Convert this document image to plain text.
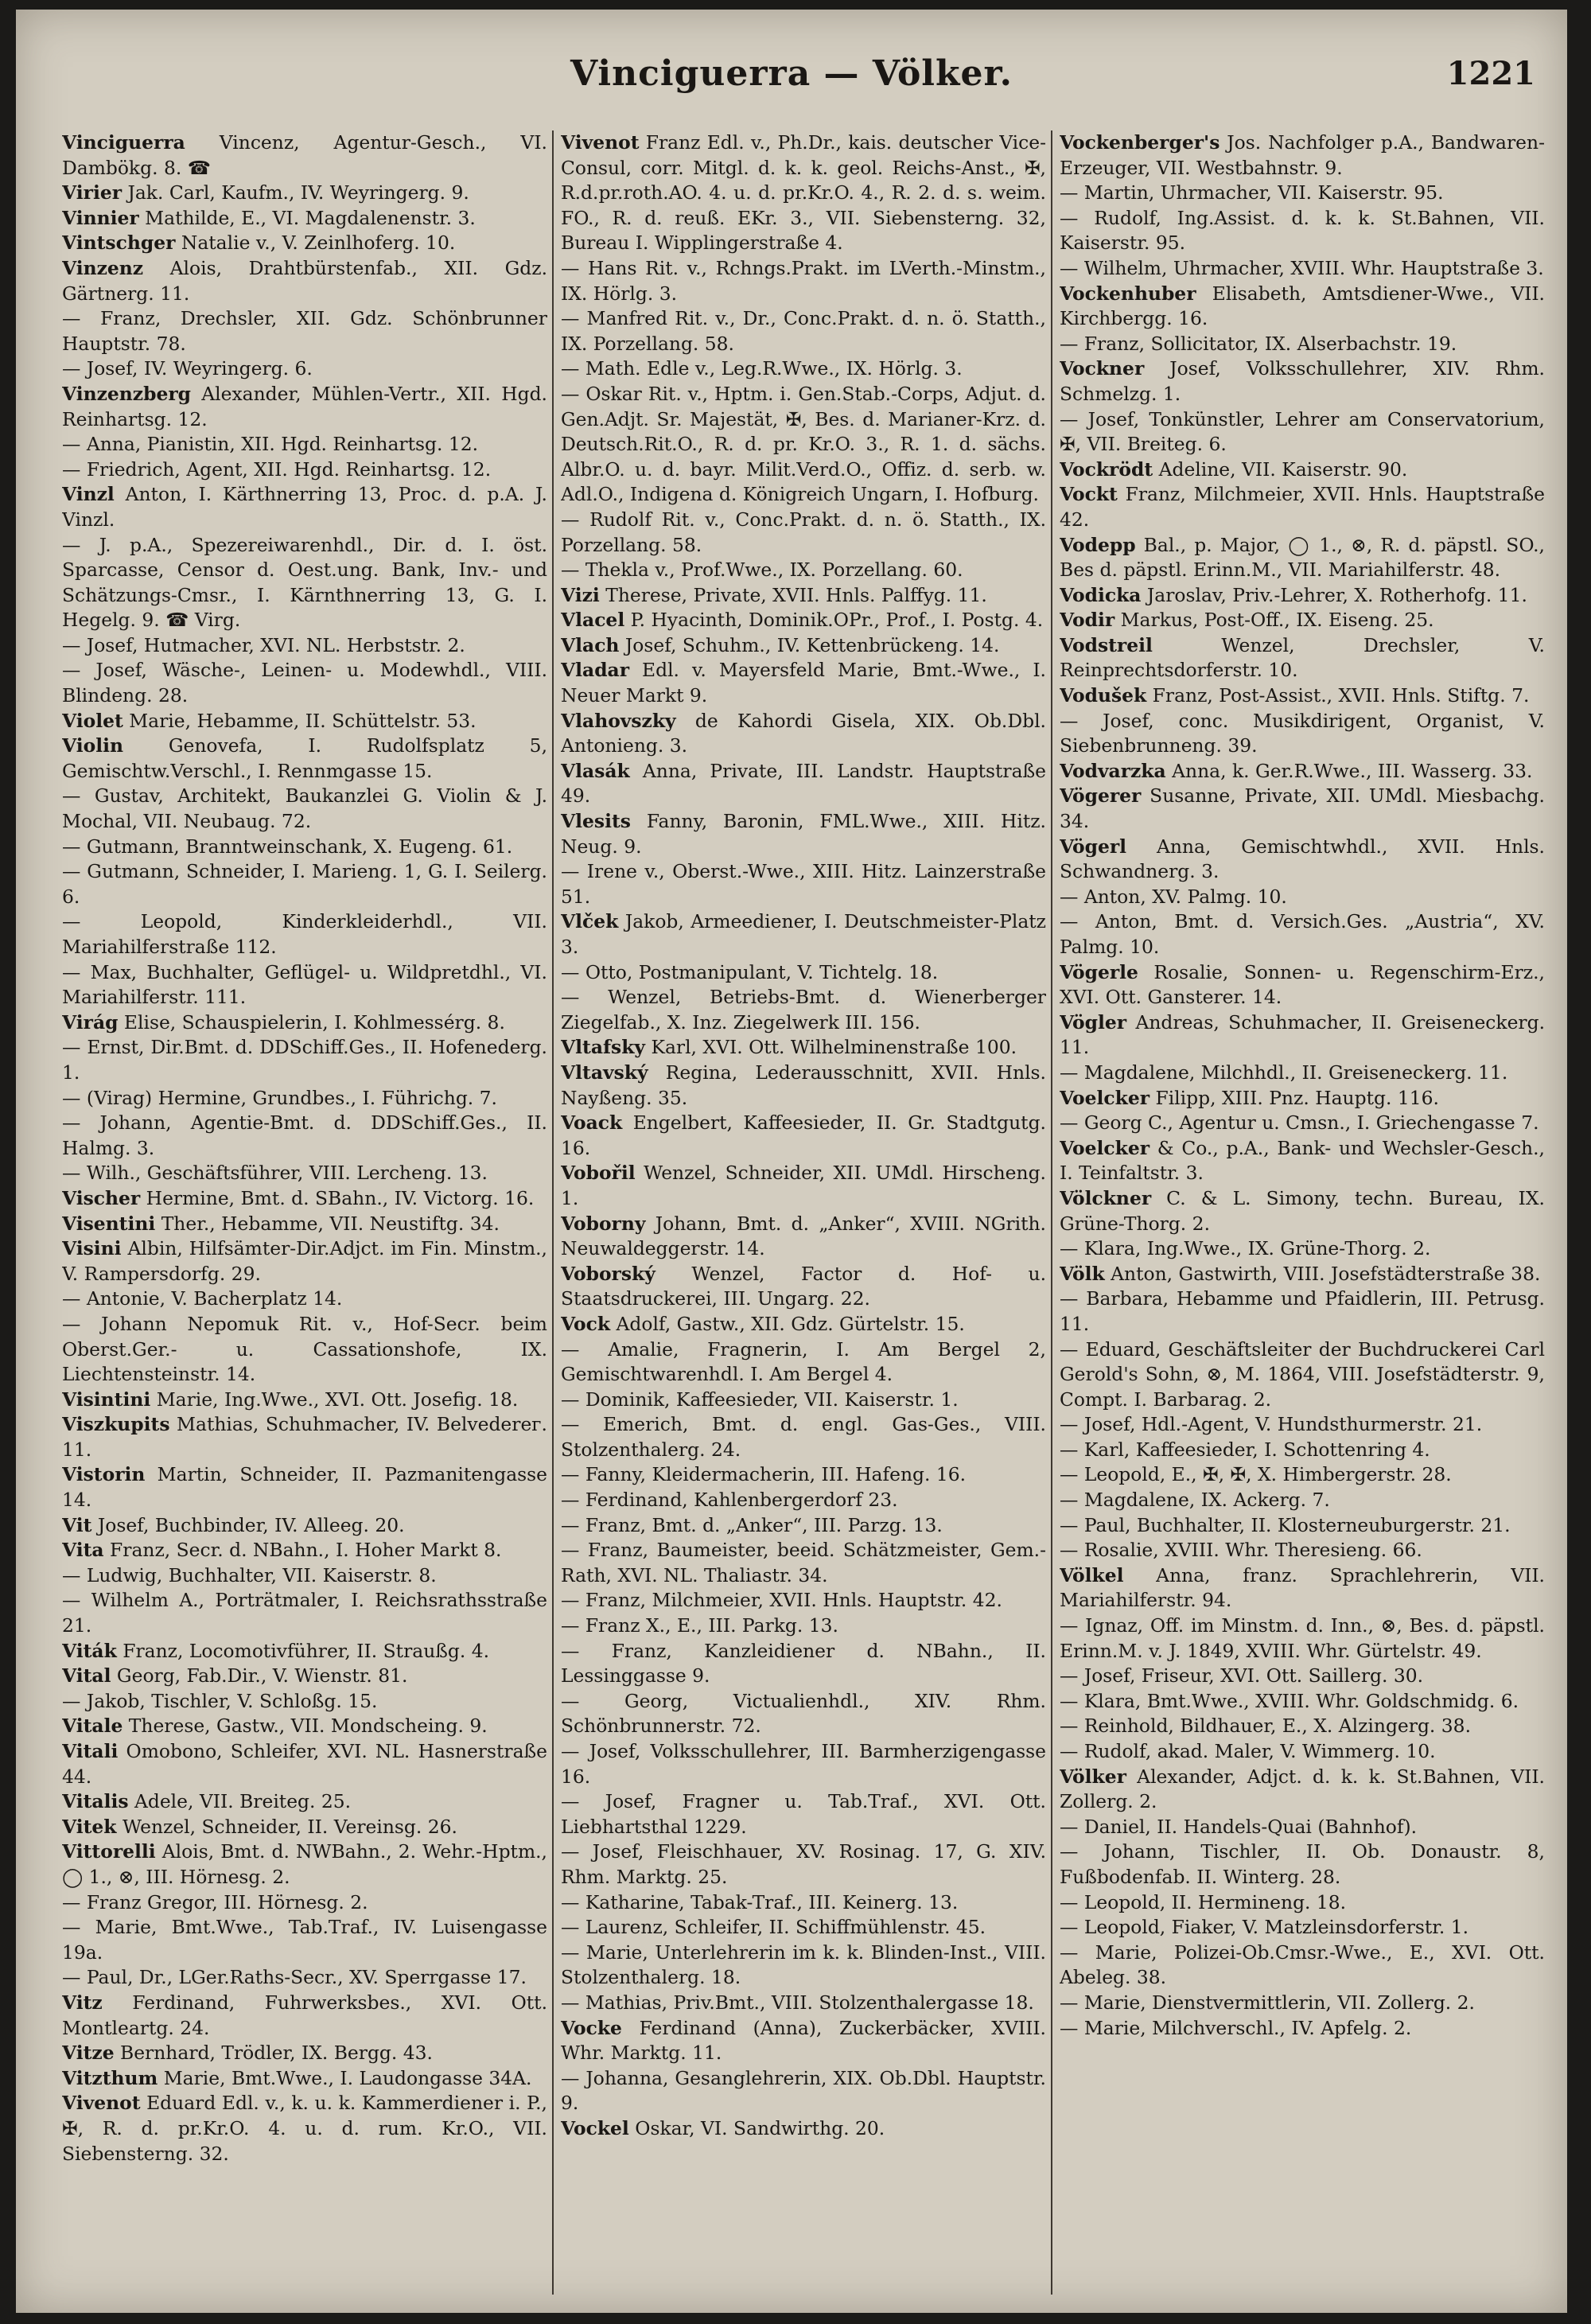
Vinciguerra — Völker.	1221

Vinciguerra Vincenz, Agentur-Gesch., VI. Dambökg. 8. ☎

Virier Jak. Carl, Kaufm., IV. Weyringerg. 9.

Vinnier Mathilde, E., VI. Magdalenenstr. 3.

Vintschger Natalie v., V. Zeinlhoferg. 10.

Vinzenz Alois, Drahtbürstenfab., XII. Gdz. Gärtnerg. 11.

— Franz, Drechsler, XII. Gdz. Schönbrunner Hauptstr. 78.

— Josef, IV. Weyringerg. 6.

Vinzenzberg Alexander, Mühlen-Vertr., XII. Hgd. Reinhartsg. 12.

— Anna, Pianistin, XII. Hgd. Reinhartsg. 12.

— Friedrich, Agent, XII. Hgd. Reinhartsg. 12.

Vinzl Anton, I. Kärthnerring 13, Proc. d. p.A. J. Vinzl.

— J. p.A., Spezereiwarenhdl., Dir. d. I. öst. Sparcasse, Censor d. Oest.ung. Bank, Inv.- und Schätzungs-Cmsr., I. Kärnthnerring 13, G. I. Hegelg. 9. ☎ Virg.

— Josef, Hutmacher, XVI. NL. Herbststr. 2.

— Josef, Wäsche-, Leinen- u. Modewhdl., VIII. Blindeng. 28.

Violet Marie, Hebamme, II. Schüttelstr. 53.

Violin Genovefa, I. Rudolfsplatz 5, Gemischtw.Verschl., I. Rennmgasse 15.

— Gustav, Architekt, Baukanzlei G. Violin & J. Mochal, VII. Neubaug. 72.

— Gutmann, Branntweinschank, X. Eugeng. 61.

— Gutmann, Schneider, I. Marieng. 1, G. I. Seilerg. 6.

— Leopold, Kinderkleiderhdl., VII. Mariahilferstraße 112.

— Max, Buchhalter, Geflügel- u. Wildpretdhl., VI. Mariahilferstr. 111.

Virág Elise, Schauspielerin, I. Kohlmessérg. 8.

— Ernst, Dir.Bmt. d. DDSchiff.Ges., II. Hofenederg. 1.

— (Virag) Hermine, Grundbes., I. Führichg. 7.

— Johann, Agentie-Bmt. d. DDSchiff.Ges., II. Halmg. 3.

— Wilh., Geschäftsführer, VIII. Lercheng. 13.

Vischer Hermine, Bmt. d. SBahn., IV. Victorg. 16.

Visentini Ther., Hebamme, VII. Neustiftg. 34.

Visini Albin, Hilfsämter-Dir.Adjct. im Fin. Minstm., V. Rampersdorfg. 29.

— Antonie, V. Bacherplatz 14.

— Johann Nepomuk Rit. v., Hof-Secr. beim Oberst.Ger.- u. Cassationshofe, IX. Liechtensteinstr. 14.

Visintini Marie, Ing.Wwe., XVI. Ott. Josefig. 18.

Viszkupits Mathias, Schuhmacher, IV. Belvederег. 11.

Vistorin Martin, Schneider, II. Pazmanitengasse 14.

Vit Josef, Buchbinder, IV. Alleeg. 20.

Vita Franz, Secr. d. NBahn., I. Hoher Markt 8.

— Ludwig, Buchhalter, VII. Kaiserstr. 8.

— Wilhelm A., Porträtmaler, I. Reichsrathsstraße 21.

Viták Franz, Locomotivführer, II. Straußg. 4.

Vital Georg, Fab.Dir., V. Wienstr. 81.

— Jakob, Tischler, V. Schloßg. 15.

Vitale Therese, Gastw., VII. Mondscheing. 9.

Vitali Omobono, Schleifer, XVI. NL. Hasnerstraße 44.

Vitalis Adele, VII. Breiteg. 25.

Vitek Wenzel, Schneider, II. Vereinsg. 26.

Vittorelli Alois, Bmt. d. NWBahn., 2. Wehr.-Hptm., ◯ 1., ⊗, III. Hörnesg. 2.

— Franz Gregor, III. Hörnesg. 2.

— Marie, Bmt.Wwe., Tab.Traf., IV. Luisengasse 19a.

— Paul, Dr., LGer.Raths-Secr., XV. Sperrgasse 17.

Vitz Ferdinand, Fuhrwerksbes., XVI. Ott. Montleartg. 24.

Vitze Bernhard, Trödler, IX. Bergg. 43.

Vitzthum Marie, Bmt.Wwe., I. Laudongasse 34A.

Vivenot Eduard Edl. v., k. u. k. Kammerdiener i. P., ✠, R. d. pr.Kr.O. 4. u. d. rum. Kr.O., VII. Siebensterng. 32.

Vivenot Franz Edl. v., Ph.Dr., kais. deutscher Vice-Consul, corr. Mitgl. d. k. k. geol. Reichs-Anst., ✠, R.d.pr.roth.AO. 4. u. d. pr.Kr.O. 4., R. 2. d. s. weim. FO., R. d. reuß. EKr. 3., VII. Siebensterng. 32, Bureau I. Wipplingerstraße 4.

— Hans Rit. v., Rchngs.Prakt. im LVerth.-Minstm., IX. Hörlg. 3.

— Manfred Rit. v., Dr., Conc.Prakt. d. n. ö. Statth., IX. Porzellang. 58.

— Math. Edle v., Leg.R.Wwe., IX. Hörlg. 3.

— Oskar Rit. v., Hptm. i. Gen.Stab.-Corps, Adjut. d. Gen.Adjt. Sr. Majestät, ✠, Bes. d. Marianer-Krz. d. Deutsch.Rit.O., R. d. pr. Kr.O. 3., R. 1. d. sächs. Albr.O. u. d. bayr. Milit.Verd.O., Offiz. d. serb. w. Adl.O., Indigena d. Königreich Ungarn, I. Hofburg.

— Rudolf Rit. v., Conc.Prakt. d. n. ö. Statth., IX. Porzellang. 58.

— Thekla v., Prof.Wwe., IX. Porzellang. 60.

Vizi Therese, Private, XVII. Hnls. Palffyg. 11.

Vlacel P. Hyacinth, Dominik.OPr., Prof., I. Postg. 4.

Vlach Josef, Schuhm., IV. Kettenbrückeng. 14.

Vladar Edl. v. Mayersfeld Marie, Bmt.-Wwe., I. Neuer Markt 9.

Vlahovszky de Kahordi Gisela, XIX. Ob.Dbl. Antonieng. 3.

Vlasák Anna, Private, III. Landstr. Hauptstraße 49.

Vlesits Fanny, Baronin, FML.Wwe., XIII. Hitz. Neug. 9.

— Irene v., Oberst.-Wwe., XIII. Hitz. Lainzerstraße 51.

Vlček Jakob, Armeediener, I. Deutschmeister-Platz 3.

— Otto, Postmanipulant, V. Tichtelg. 18.

— Wenzel, Betriebs-Bmt. d. Wienerberger Ziegelfab., X. Inz. Ziegelwerk III. 156.

Vltafsky Karl, XVI. Ott. Wilhelminenstraße 100.

Vltavský Regina, Lederausschnitt, XVII. Hnls. Nayßeng. 35.

Voack Engelbert, Kaffeesieder, II. Gr. Stadtgutg. 16.

Vobořil Wenzel, Schneider, XII. UMdl. Hirscheng. 1.

Voborny Johann, Bmt. d. „Anker“, XVIII. NGrith. Neuwaldeggerstr. 14.

Voborský Wenzel, Factor d. Hof- u. Staatsdruckerei, III. Ungarg. 22.

Vock Adolf, Gastw., XII. Gdz. Gürtelstr. 15.

— Amalie, Fragnerin, I. Am Bergel 2, Gemischtwarenhdl. I. Am Bergel 4.

— Dominik, Kaffeesieder, VII. Kaiserstr. 1.

— Emerich, Bmt. d. engl. Gas-Ges., VIII. Stolzenthalerg. 24.

— Fanny, Kleidermacherin, III. Hafeng. 16.

— Ferdinand, Kahlenbergerdorf 23.

— Franz, Bmt. d. „Anker“, III. Parzg. 13.

— Franz, Baumeister, beeid. Schätzmeister, Gem.-Rath, XVI. NL. Thaliastr. 34.

— Franz, Milchmeier, XVII. Hnls. Hauptstr. 42.

— Franz X., E., III. Parkg. 13.

— Franz, Kanzleidiener d. NBahn., II. Lessinggasse 9.

— Georg, Victualienhdl., XIV. Rhm. Schönbrunnerstr. 72.

— Josef, Volksschullehrer, III. Barmherzigengasse 16.

— Josef, Fragner u. Tab.Traf., XVI. Ott. Liebhartsthal 1229.

— Josef, Fleischhauer, XV. Rosinag. 17, G. XIV. Rhm. Marktg. 25.

— Katharine, Tabak-Traf., III. Keinerg. 13.

— Laurenz, Schleifer, II. Schiffmühlenstr. 45.

— Marie, Unterlehrerin im k. k. Blinden-Inst., VIII. Stolzenthalerg. 18.

— Mathias, Priv.Bmt., VIII. Stolzenthalergasse 18.

Vocke Ferdinand (Anna), Zuckerbäcker, XVIII. Whr. Marktg. 11.

— Johanna, Gesanglehrerin, XIX. Ob.Dbl. Hauptstr. 9.

Vockel Oskar, VI. Sandwirthg. 20.

Vockenberger's Jos. Nachfolger p.A., Bandwaren-Erzeuger, VII. Westbahnstr. 9.

— Martin, Uhrmacher, VII. Kaiserstr. 95.

— Rudolf, Ing.Assist. d. k. k. St.Bahnen, VII. Kaiserstr. 95.

— Wilhelm, Uhrmacher, XVIII. Whr. Hauptstraße 3.

Vockenhuber Elisabeth, Amtsdiener-Wwe., VII. Kirchbergg. 16.

— Franz, Sollicitator, IX. Alserbachstr. 19.

Vockner Josef, Volksschullehrer, XIV. Rhm. Schmelzg. 1.

— Josef, Tonkünstler, Lehrer am Conservatorium, ✠, VII. Breiteg. 6.

Vockrödt Adeline, VII. Kaiserstr. 90.

Vockt Franz, Milchmeier, XVII. Hnls. Hauptstraße 42.

Vodepp Bal., p. Major, ◯ 1., ⊗, R. d. päpstl. SO., Bes d. päpstl. Erinn.M., VII. Mariahilferstr. 48.

Vodicka Jaroslav, Priv.-Lehrer, X. Rotherhofg. 11.

Vodir Markus, Post-Off., IX. Eiseng. 25.

Vodstreil Wenzel, Drechsler, V. Reinprechtsdorferstr. 10.

Vodušek Franz, Post-Assist., XVII. Hnls. Stiftg. 7.

— Josef, conc. Musikdirigent, Organist, V. Siebenbrunneng. 39.

Vodvarzka Anna, k. Ger.R.Wwe., III. Wasserg. 33.

Vögerer Susanne, Private, XII. UMdl. Miesbachg. 34.

Vögerl Anna, Gemischtwhdl., XVII. Hnls. Schwandnerg. 3.

— Anton, XV. Palmg. 10.

— Anton, Bmt. d. Versich.Ges. „Austria“, XV. Palmg. 10.

Vögerle Rosalie, Sonnen- u. Regenschirm-Erz., XVI. Ott. Gansterer. 14.

Vögler Andreas, Schuhmacher, II. Greiseneckerg. 11.

— Magdalene, Milchhdl., II. Greiseneckerg. 11.

Voelcker Filipp, XIII. Pnz. Hauptg. 116.

— Georg C., Agentur u. Cmsn., I. Griechengasse 7.

Voelcker & Co., p.A., Bank- und Wechsler-Gesch., I. Teinfaltstr. 3.

Völckner C. & L. Simony, techn. Bureau, IX. Grüne-Thorg. 2.

— Klara, Ing.Wwe., IX. Grüne-Thorg. 2.

Völk Anton, Gastwirth, VIII. Josefstädterstraße 38.

— Barbara, Hebamme und Pfaidlerin, III. Petrusg. 11.

— Eduard, Geschäftsleiter der Buchdruckerei Carl Gerold's Sohn, ⊗, M. 1864, VIII. Josefstädterstr. 9, Compt. I. Barbarag. 2.

— Josef, Hdl.-Agent, V. Hundsthurmerstr. 21.

— Karl, Kaffeesieder, I. Schottenring 4.

— Leopold, E., ✠, ✠, X. Himbergerstr. 28.

— Magdalene, IX. Ackerg. 7.

— Paul, Buchhalter, II. Klosterneuburgerstr. 21.

— Rosalie, XVIII. Whr. Theresieng. 66.

Völkel Anna, franz. Sprachlehrerin, VII. Mariahilferstr. 94.

— Ignaz, Off. im Minstm. d. Inn., ⊗, Bes. d. päpstl. Erinn.M. v. J. 1849, XVIII. Whr. Gürtelstr. 49.

— Josef, Friseur, XVI. Ott. Saillerg. 30.

— Klara, Bmt.Wwe., XVIII. Whr. Goldschmidg. 6.

— Reinhold, Bildhauer, E., X. Alzingerg. 38.

— Rudolf, akad. Maler, V. Wimmerg. 10.

Völker Alexander, Adjct. d. k. k. St.Bahnen, VII. Zollerg. 2.

— Daniel, II. Handels-Quai (Bahnhof).

— Johann, Tischler, II. Ob. Donaustr. 8, Fußbodenfab. II. Winterg. 28.

— Leopold, II. Hermineng. 18.

— Leopold, Fiaker, V. Matzleinsdorferstr. 1.

— Marie, Polizei-Ob.Cmsr.-Wwe., E., XVI. Ott. Abeleg. 38.

— Marie, Dienstvermittlerin, VII. Zollerg. 2.

— Marie, Milchverschl., IV. Apfelg. 2.
